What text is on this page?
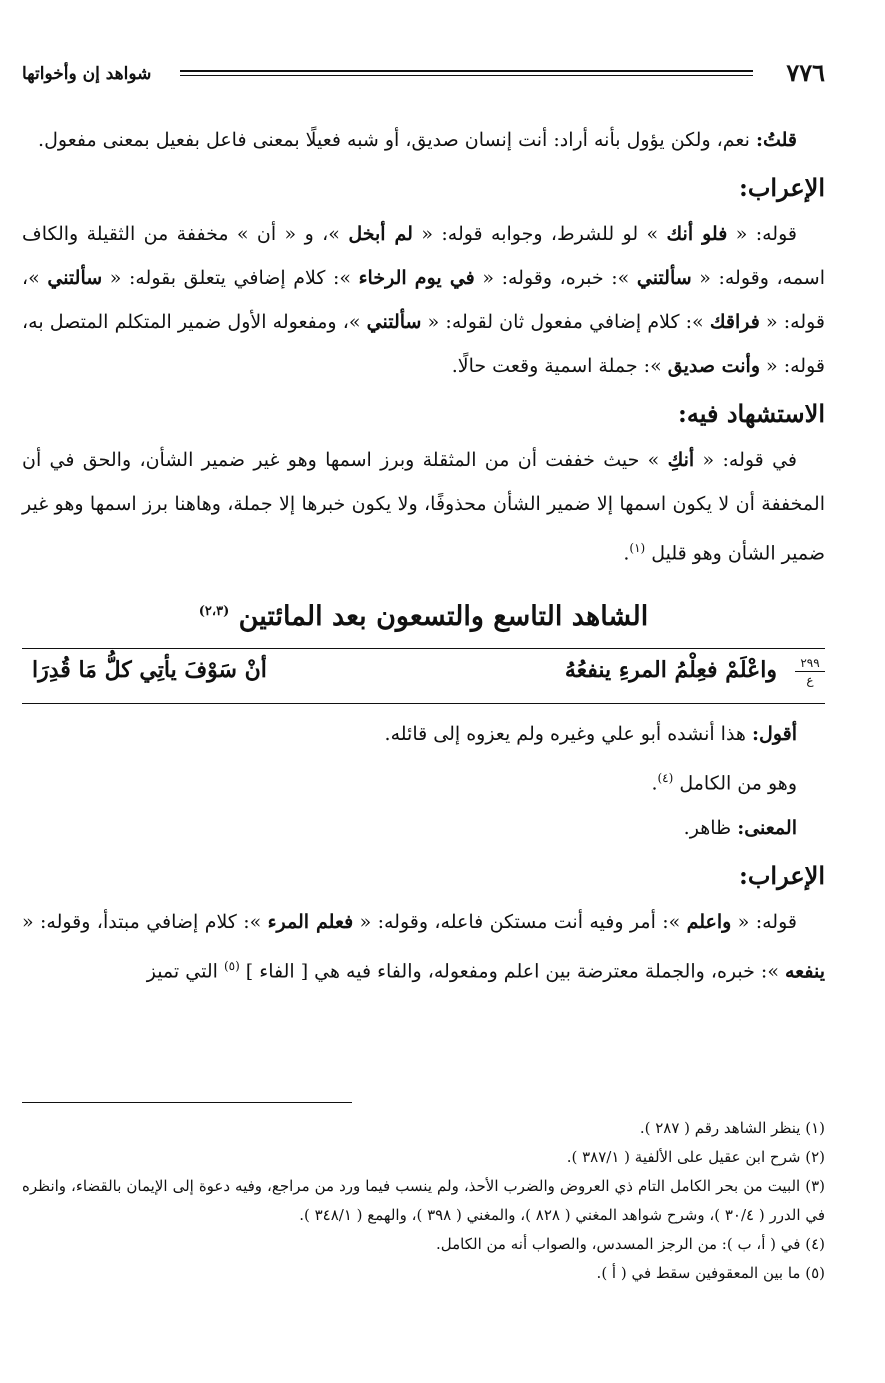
٧٧٦
شواهد إن وأخواتها

قلتُ: نعم، ولكن يؤول بأنه أراد: أنت إنسان صديق، أو شبه فعيلًا بمعنى فاعل بفعيل بمعنى مفعول.

الإعراب:

قوله: « فلو أنك » لو للشرط، وجوابه قوله: « لم أبخل »، و « أن » مخففة من الثقيلة والكاف اسمه، وقوله: « سألتني »: خبره، وقوله: « في يوم الرخاء »: كلام إضافي يتعلق بقوله: « سألتني »، قوله: « فراقك »: كلام إضافي مفعول ثان لقوله: « سألتني »، ومفعوله الأول ضمير المتكلم المتصل به، قوله: « وأنت صديق »: جملة اسمية وقعت حالًا.

الاستشهاد فيه:

في قوله: « أنكِ » حيث خففت أن من المثقلة وبرز اسمها وهو غير ضمير الشأن، والحق في أن المخففة أن لا يكون اسمها إلا ضمير الشأن محذوفًا، ولا يكون خبرها إلا جملة، وهاهنا برز اسمها وهو غير ضمير الشأن وهو قليل $^{(١)}$.

الشاهد التاسع والتسعون بعد المائتين $^{(٢،٣)}$
٢٩٩
ع
واعْلَمْ فعِلْمُ المرءِ ينفعُهُ
أنْ سَوْفَ يأتِي كلُّ مَا قُدِرَا

أقول: هذا أنشده أبو علي وغيره ولم يعزوه إلى قائله.

وهو من الكامل $^{(٤)}$.

المعنى: ظاهر.

الإعراب:

قوله: « واعلم »: أمر وفيه أنت مستكن فاعله، وقوله: « فعلم المرء »: كلام إضافي مبتدأ، وقوله: « ينفعه »: خبره، والجملة معترضة بين اعلم ومفعوله، والفاء فيه هي [ الفاء ] $^{(٥)}$ التي تميز

(١) ينظر الشاهد رقم ( ٢٨٧ ).

(٢) شرح ابن عقيل على الألفية ( ٣٨٧/١ ).

(٣) البيت من بحر الكامل التام ذي العروض والضرب الأحذ، ولم ينسب فيما ورد من مراجع، وفيه دعوة إلى الإيمان بالقضاء، وانظره في الدرر ( ٣٠/٤ )، وشرح شواهد المغني ( ٨٢٨ )، والمغني ( ٣٩٨ )، والهمع ( ٣٤٨/١ ).

(٤) في ( أ، ب ): من الرجز المسدس، والصواب أنه من الكامل.

(٥) ما بين المعقوفين سقط في ( أ ).
